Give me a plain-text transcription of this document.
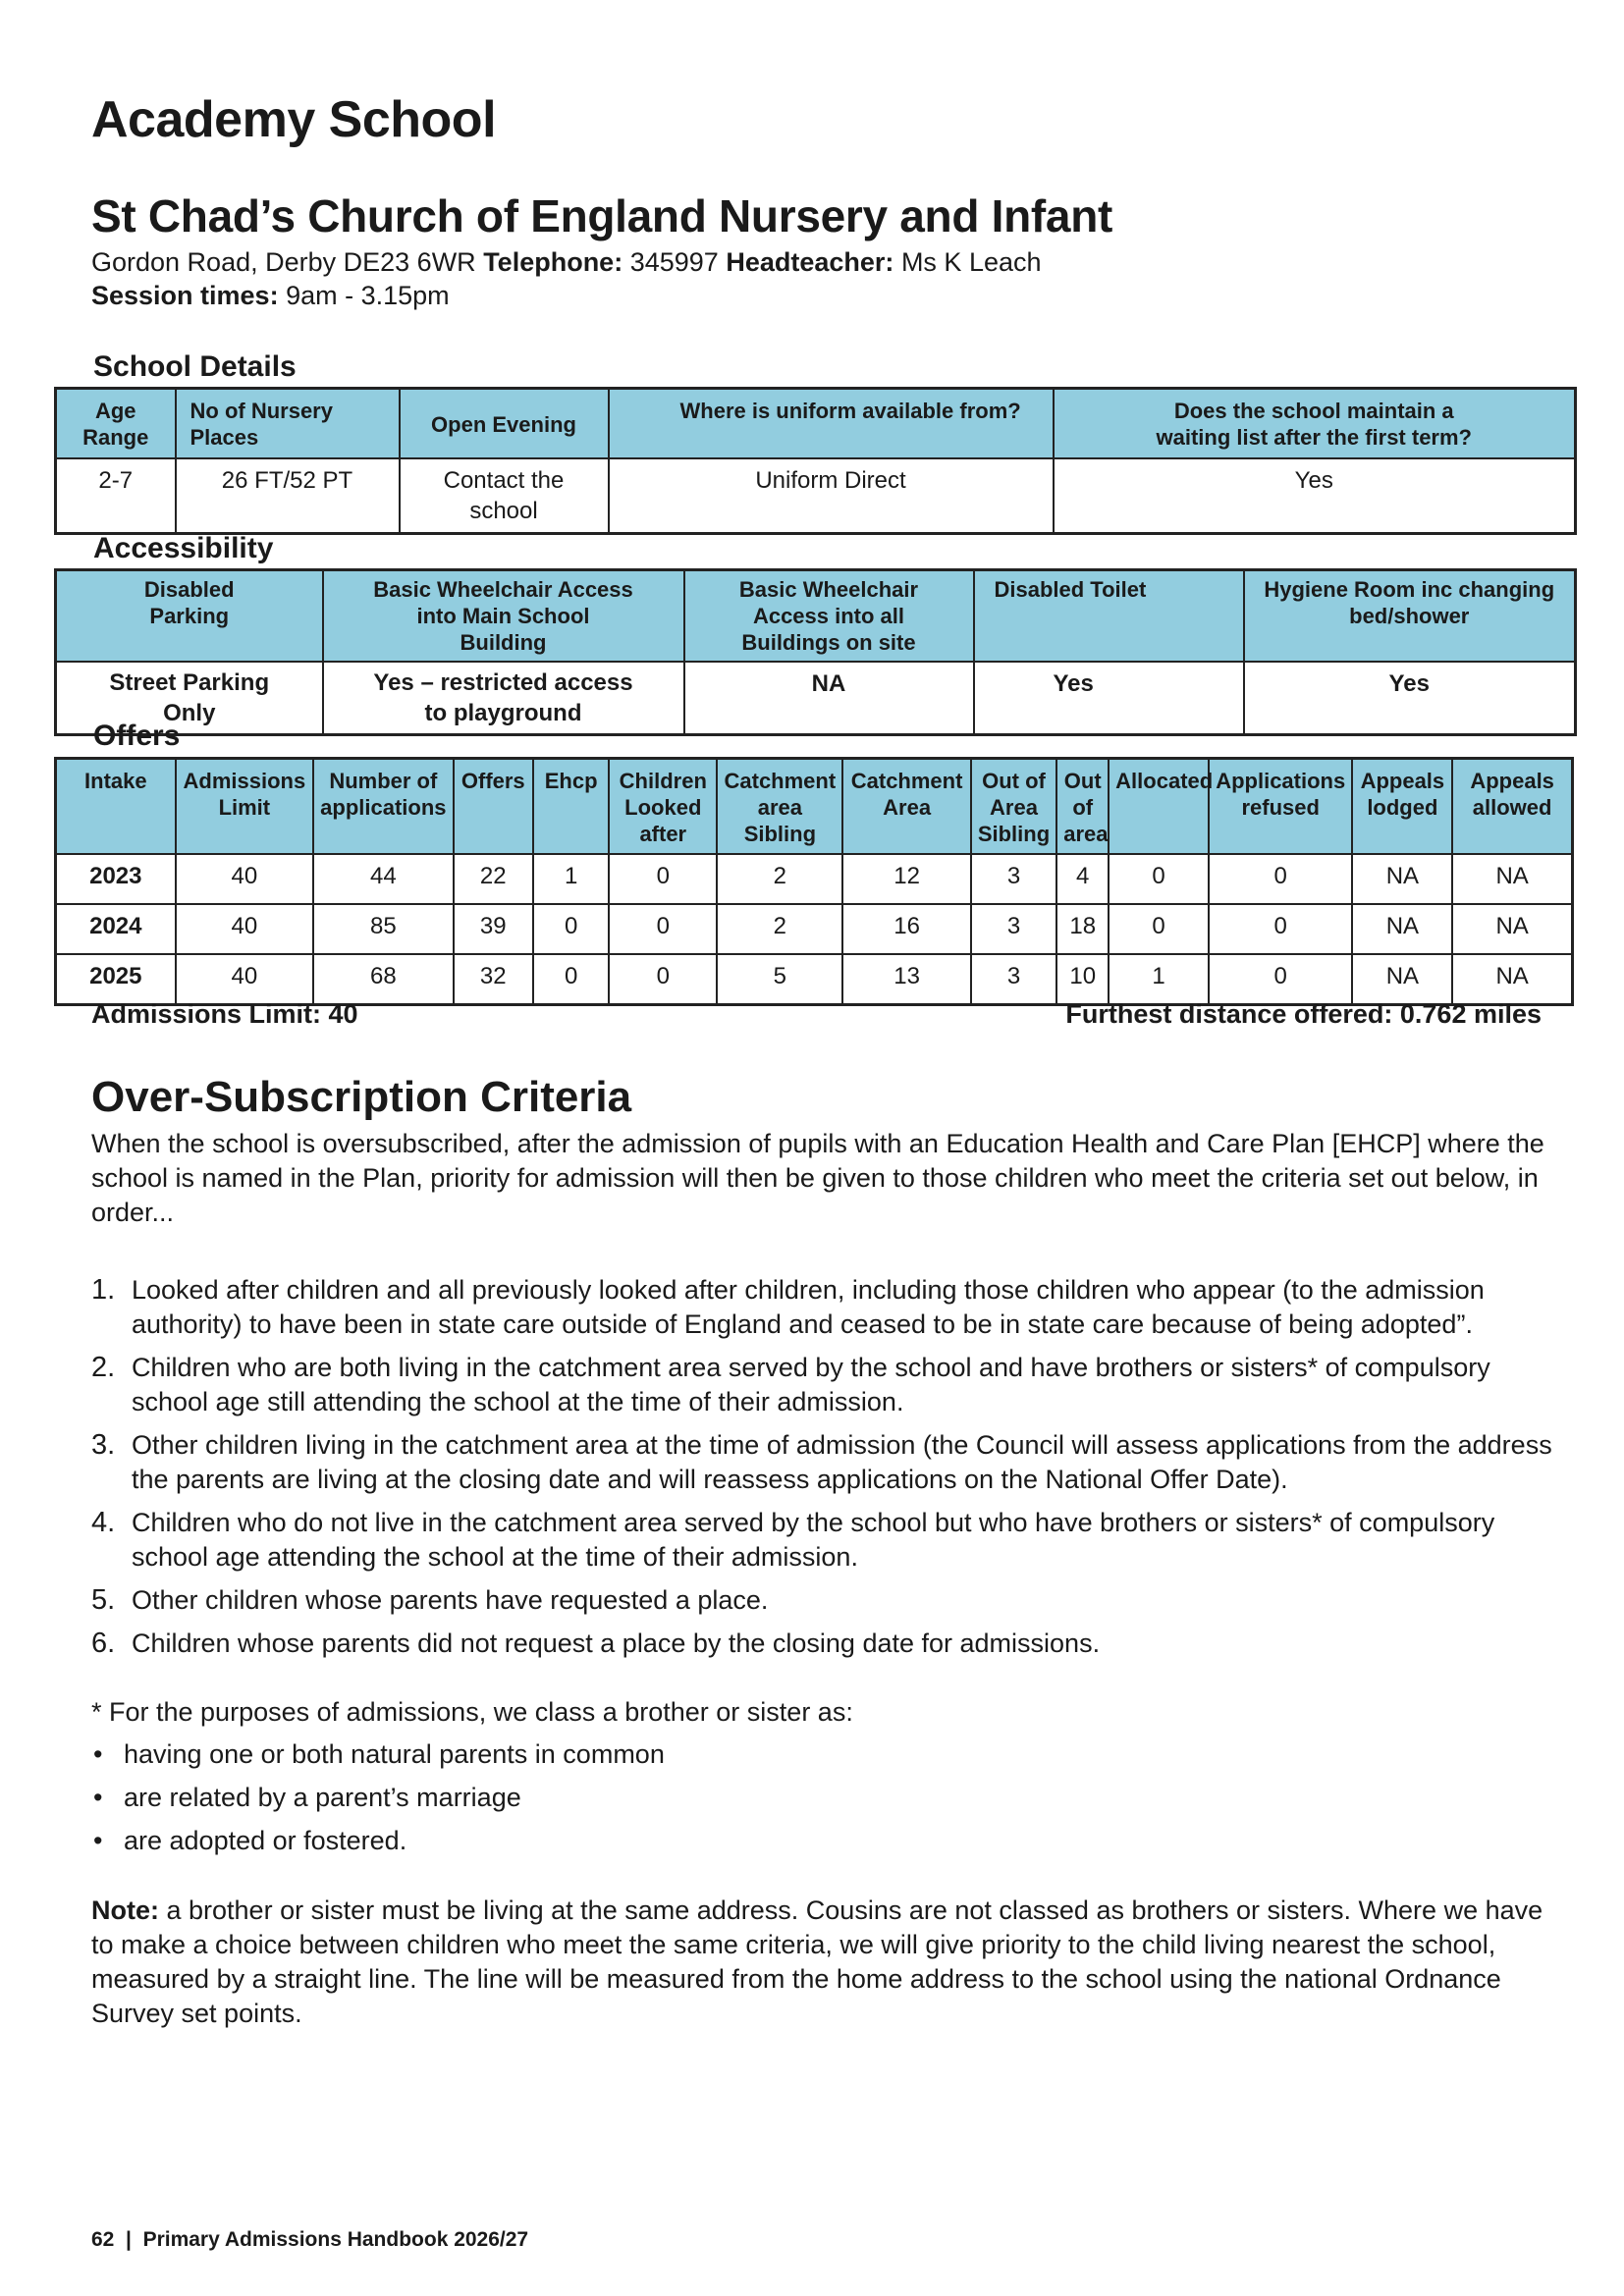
Academy School
St Chad’s Church of England Nursery and Infant
Gordon Road, Derby DE23 6WR Telephone: 345997 Headteacher: Ms K Leach
Session times: 9am - 3.15pm
School Details
Age Range	No of Nursery Places	Open Evening	Where is uniform available from?	Does the school maintain a waiting list after the first term?
2-7	26 FT/52 PT	Contact the school	Uniform Direct	Yes
Accessibility
Disabled Parking	Basic Wheelchair Access into Main School Building	Basic Wheelchair Access into all Buildings on site	Disabled Toilet	Hygiene Room inc changing bed/shower
Street Parking Only	Yes – restricted access to playground	NA	Yes	Yes
Offers
Intake	Admissions Limit	Number of applications	Offers	Ehcp	Children Looked after	Catchment area Sibling	Catchment Area	Out of Area Sibling	Out of area	Allocated	Applications refused	Appeals lodged	Appeals allowed
2023	40	44	22	1	0	2	12	3	4	0	0	NA	NA
2024	40	85	39	0	0	2	16	3	18	0	0	NA	NA
2025	40	68	32	0	0	5	13	3	10	1	0	NA	NA
Admissions Limit: 40	Furthest distance offered: 0.762 miles
Over-Subscription Criteria

When the school is oversubscribed, after the admission of pupils with an Education Health and Care Plan [EHCP] where the school is named in the Plan, priority for admission will then be given to those children who meet the criteria set out below, in order...

1. Looked after children and all previously looked after children, including those children who appear (to the admission authority) to have been in state care outside of England and ceased to be in state care because of being adopted”.
2. Children who are both living in the catchment area served by the school and have brothers or sisters* of compulsory school age still attending the school at the time of their admission.
3. Other children living in the catchment area at the time of admission (the Council will assess applications from the address the parents are living at the closing date and will reassess applications on the National Offer Date).
4. Children who do not live in the catchment area served by the school but who have brothers or sisters* of compulsory school age attending the school at the time of their admission.
5. Other children whose parents have requested a place.
6. Children whose parents did not request a place by the closing date for admissions.
* For the purposes of admissions, we class a brother or sister as:
• having one or both natural parents in common
• are related by a parent’s marriage
• are adopted or fostered.

Note: a brother or sister must be living at the same address. Cousins are not classed as brothers or sisters. Where we have to make a choice between children who meet the same criteria, we will give priority to the child living nearest the school, measured by a straight line. The line will be measured from the home address to the school using the national Ordnance Survey set points.

62  |  Primary Admissions Handbook 2026/27
